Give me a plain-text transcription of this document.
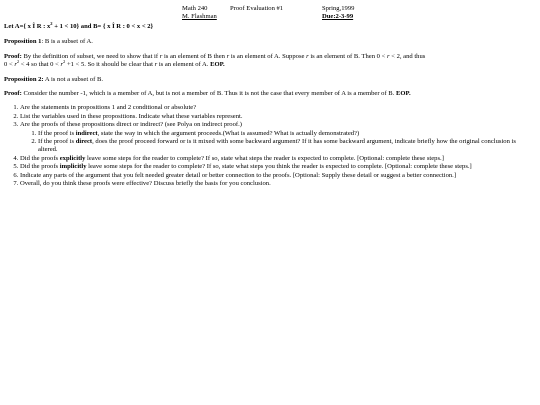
Math 240	Proof Evaluation #1	Spring,1999
M. Flashman	Due:2-3-99

Let A={ x Î R : $x^2 + 1 < 10$} and B= { x Î R : 0 < x < 2}

Proposition 1: B is a subset of A.

Proof: By the definition of subset, we need to show that if r is an element of B then r is an element of A. Suppose r is an element of B. Then 0 < r < 2, and thus
$0 < r^2 < 4$ so that $0 < r^2 +1 < 5$. So it should be clear that r is an element of A. EOP.

Proposition 2: A is not a subset of B.

Proof: Consider the number -1, which is a member of A, but is not a member of B. Thus it is not the case that every member of A is a member of B. EOP.

1. Are the statements in propositions 1 and 2 conditional or absolute?
2. List the variables used in these propositions. Indicate what these variables represent.
3. Are the proofs of these propositions direct or indirect? (see Polya on indirect proof.)
1. If the proof is indirect, state the way in which the argument proceeds.(What is assumed? What is actually demonstrated?)
2. If the proof is direct, does the proof proceed forward or is it mixed with some backward argument? If it has some backward argument, indicate briefly how the original conclusion is altered.
4. Did the proofs explicitly leave some steps for the reader to complete? If so, state what steps the reader is expected to complete. [Optional: complete these steps.]
5. Did the proofs implicitly leave some steps for the reader to complete? If so, state what steps you think the reader is expected to complete. [Optional: complete these steps.]
6. Indicate any parts of the argument that you felt needed greater detail or better connection to the proofs. [Optional: Supply these detail or suggest a better connection.]
7. Overall, do you think these proofs were effective? Discuss briefly the basis for you conclusion.
